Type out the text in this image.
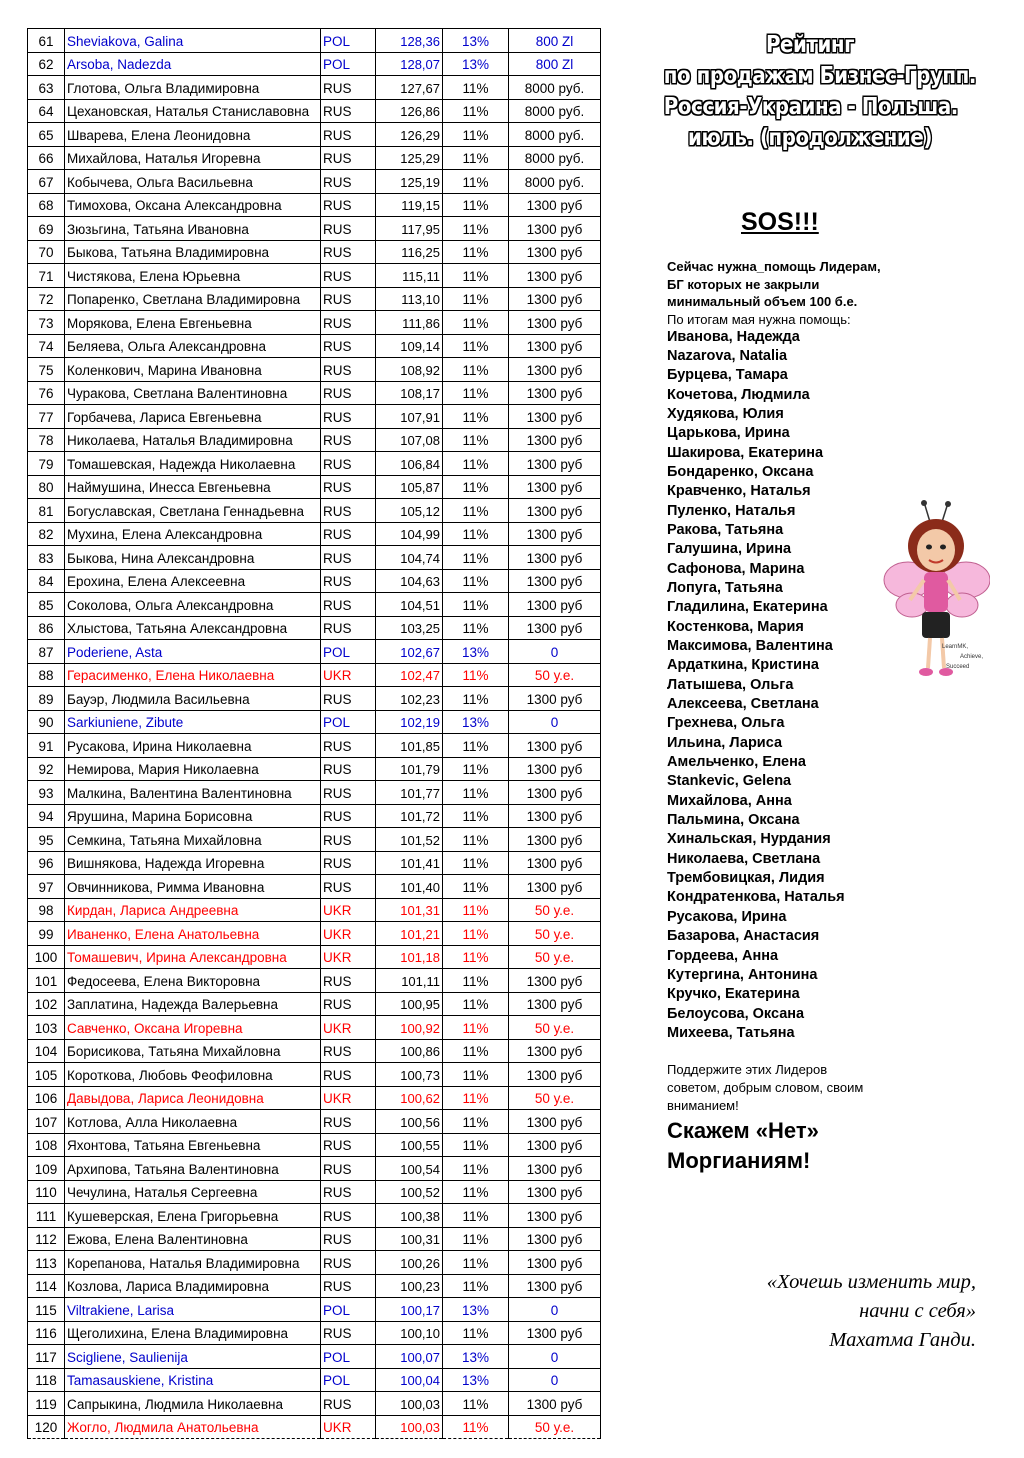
61	Sheviakova, Galina	POL	128,36	13%	800 Zl
62	Arsoba, Nadezda	POL	128,07	13%	800 Zl
63	Глотова, Ольга Владимировна	RUS	127,67	11%	8000 руб.
64	Цехановская, Наталья Станиславовна	RUS	126,86	11%	8000 руб.
65	Шварева, Елена Леонидовна	RUS	126,29	11%	8000 руб.
66	Михайлова, Наталья Игоревна	RUS	125,29	11%	8000 руб.
67	Кобычева, Ольга Васильевна	RUS	125,19	11%	8000 руб.
68	Тимохова, Оксана Александровна	RUS	119,15	11%	1300 руб
69	Зюзьгина, Татьяна Ивановна	RUS	117,95	11%	1300 руб
70	Быкова, Татьяна Владимировна	RUS	116,25	11%	1300 руб
71	Чистякова, Елена Юрьевна	RUS	115,11	11%	1300 руб
72	Попаренко, Светлана Владимировна	RUS	113,10	11%	1300 руб
73	Морякова, Елена Евгеньевна	RUS	111,86	11%	1300 руб
74	Беляева, Ольга Александровна	RUS	109,14	11%	1300 руб
75	Коленкович, Марина Ивановна	RUS	108,92	11%	1300 руб
76	Чуракова, Светлана Валентиновна	RUS	108,17	11%	1300 руб
77	Горбачева, Лариса Евгеньевна	RUS	107,91	11%	1300 руб
78	Николаева, Наталья Владимировна	RUS	107,08	11%	1300 руб
79	Томашевская, Надежда Николаевна	RUS	106,84	11%	1300 руб
80	Наймушина, Инесса Евгеньевна	RUS	105,87	11%	1300 руб
81	Богуславская, Светлана Геннадьевна	RUS	105,12	11%	1300 руб
82	Мухина, Елена Александровна	RUS	104,99	11%	1300 руб
83	Быкова, Нина Александровна	RUS	104,74	11%	1300 руб
84	Ерохина, Елена Алексеевна	RUS	104,63	11%	1300 руб
85	Соколова, Ольга Александровна	RUS	104,51	11%	1300 руб
86	Хлыстова, Татьяна Александровна	RUS	103,25	11%	1300 руб
87	Poderiene, Asta	POL	102,67	13%	0
88	Герасименко, Елена Николаевна	UKR	102,47	11%	50 у.е.
89	Бауэр, Людмила Васильевна	RUS	102,23	11%	1300 руб
90	Sarkiuniene, Zibute	POL	102,19	13%	0
91	Русакова, Ирина Николаевна	RUS	101,85	11%	1300 руб
92	Немирова, Мария Николаевна	RUS	101,79	11%	1300 руб
93	Малкина, Валентина Валентиновна	RUS	101,77	11%	1300 руб
94	Ярушина, Марина Борисовна	RUS	101,72	11%	1300 руб
95	Семкина, Татьяна Михайловна	RUS	101,52	11%	1300 руб
96	Вишнякова, Надежда Игоревна	RUS	101,41	11%	1300 руб
97	Овчинникова, Римма Ивановна	RUS	101,40	11%	1300 руб
98	Кирдан, Лариса Андреевна	UKR	101,31	11%	50 у.е.
99	Иваненко, Елена Анатольевна	UKR	101,21	11%	50 у.е.
100	Томашевич, Ирина Александровна	UKR	101,18	11%	50 у.е.
101	Федосеева, Елена Викторовна	RUS	101,11	11%	1300 руб
102	Заплатина, Надежда Валерьевна	RUS	100,95	11%	1300 руб
103	Савченко, Оксана Игоревна	UKR	100,92	11%	50 у.е.
104	Борисикова, Татьяна Михайловна	RUS	100,86	11%	1300 руб
105	Короткова, Любовь Феофиловна	RUS	100,73	11%	1300 руб
106	Давыдова, Лариса Леонидовна	UKR	100,62	11%	50 у.е.
107	Котлова, Алла Николаевна	RUS	100,56	11%	1300 руб
108	Яхонтова, Татьяна Евгеньевна	RUS	100,55	11%	1300 руб
109	Архипова, Татьяна Валентиновна	RUS	100,54	11%	1300 руб
110	Чечулина, Наталья Сергеевна	RUS	100,52	11%	1300 руб
111	Кушеверская, Елена Григорьевна	RUS	100,38	11%	1300 руб
112	Ежова, Елена Валентиновна	RUS	100,31	11%	1300 руб
113	Корепанова, Наталья Владимировна	RUS	100,26	11%	1300 руб
114	Козлова, Лариса Владимировна	RUS	100,23	11%	1300 руб
115	Viltrakiene, Larisa	POL	100,17	13%	0
116	Щеголихина, Елена Владимировна	RUS	100,10	11%	1300 руб
117	Scigliene, Saulienija	POL	100,07	13%	0
118	Tamasauskiene, Kristina	POL	100,04	13%	0
119	Сапрыкина, Людмила Николаевна	RUS	100,03	11%	1300 руб
120	Жогло, Людмила Анатольевна	UKR	100,03	11%	50 у.е.
Рейтинг
по продажам Бизнес-Групп.
Россия-Украина - Польша.
июль. (продолжение)
SOS!!!
Сейчас нужна_помощь Лидерам,
БГ которых не закрыли
минимальный объем 100 б.е.
По итогам мая нужна помощь:
Иванова, Надежда
Nazarova, Natalia
Бурцева, Тамара
Кочетова, Людмила
Худякова, Юлия
Царькова, Ирина
Шакирова, Екатерина
Бондаренко, Оксана
Кравченко, Наталья
Пуленко, Наталья
Ракова, Татьяна
Галушина, Ирина
Сафонова, Марина
Лопуга, Татьяна
Гладилина, Екатерина
Костенкова, Мария
Максимова, Валентина
Ардаткина, Кристина
Латышева, Ольга
Алексеева, Светлана
Грехнева, Ольга
Ильина, Лариса
Амельченко, Елена
Stankevic, Gelena
Михайлова, Анна
Пальмина, Оксана
Хинальская, Нурдания
Николаева, Светлана
Трембовицкая, Лидия
Кондратенкова, Наталья
Русакова, Ирина
Базарова, Анастасия
Гордеева, Анна
Кутергина, Антонина
Кручко, Екатерина
Белоусова, Оксана
Михеева, Татьяна
LearnMK,
Achieve,
Succeed
Поддержите этих Лидеров
советом, добрым словом, своим
вниманием!
Скажем «Нет»
Моргианиям!
«Хочешь изменить мир,
начни с себя»
Махатма Ганди.
